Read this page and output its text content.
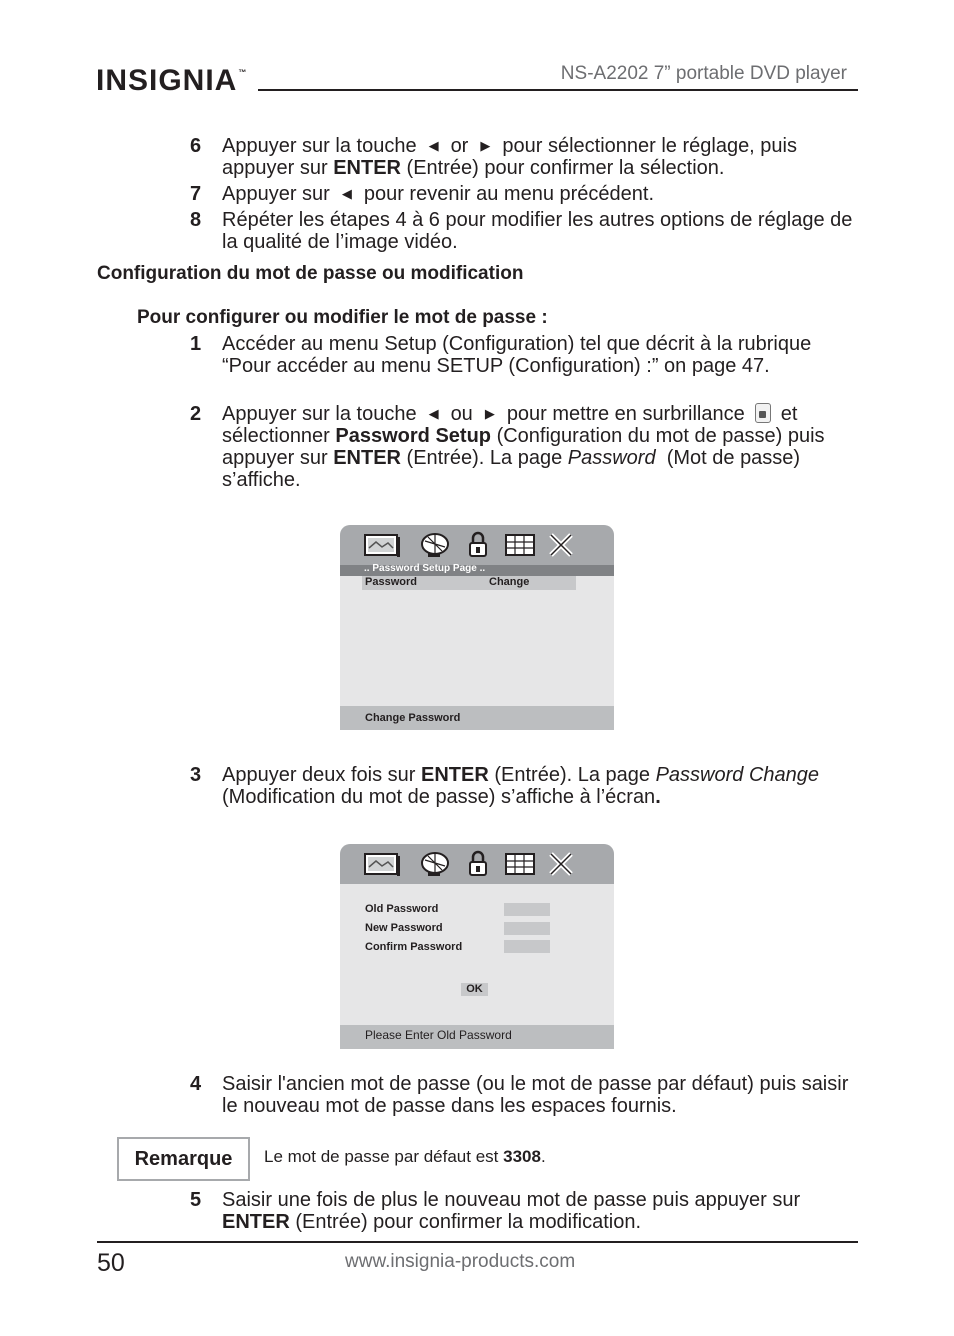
INSIGNIA™	NS-A2202 7” portable DVD player
6 Appuyer sur la touche ◀ or ▶ pour sélectionner le réglage, puis appuyer sur ENTER (Entrée) pour confirmer la sélection.
7 Appuyer sur ◀ pour revenir au menu précédent.
8 Répéter les étapes 4 à 6 pour modifier les autres options de réglage de la qualité de l’image vidéo.
Configuration du mot de passe ou modification
Pour configurer ou modifier le mot de passe :
1 Accéder au menu Setup (Configuration) tel que décrit à la rubrique “Pour accéder au menu SETUP (Configuration) :” on page 47.
2 Appuyer sur la touche ◀ ou ▶ pour mettre en surbrillance et sélectionner Password Setup (Configuration du mot de passe) puis appuyer sur ENTER (Entrée). La page Password (Mot de passe) s’affiche.
.. Password Setup Page ..
Password	Change
Change Password
3 Appuyer deux fois sur ENTER (Entrée). La page Password Change (Modification du mot de passe) s’affiche à l’écran.
Old Password
New Password
Confirm Password
OK
Please Enter Old Password
4 Saisir l'ancien mot de passe (ou le mot de passe par défaut) puis saisir le nouveau mot de passe dans les espaces fournis.
Remarque	Le mot de passe par défaut est 3308.
5 Saisir une fois de plus le nouveau mot de passe puis appuyer sur ENTER (Entrée) pour confirmer la modification.
50	www.insignia-products.com
